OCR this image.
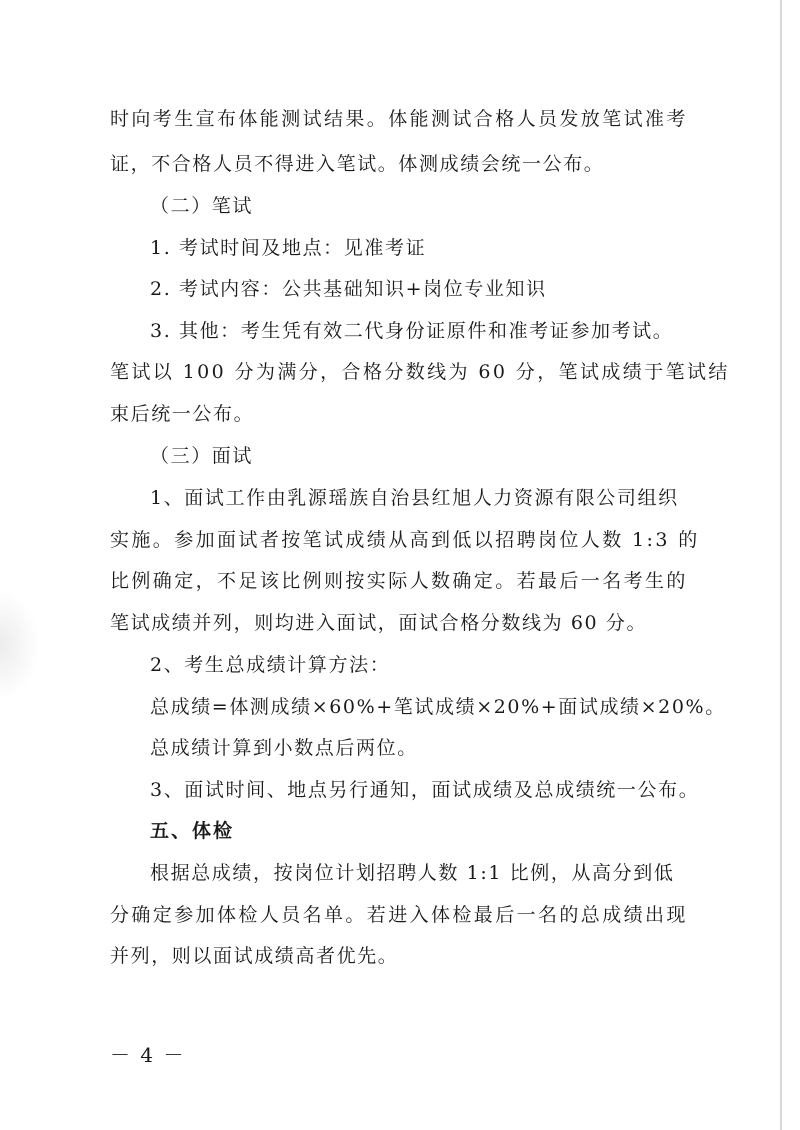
时向考生宣布体能测试结果。体能测试合格人员发放笔试准考
证，不合格人员不得进入笔试。体测成绩会统一公布。
（二）笔试
1. 考试时间及地点：见准考证
2. 考试内容：公共基础知识+岗位专业知识
3. 其他：考生凭有效二代身份证原件和准考证参加考试。
笔试以 100 分为满分，合格分数线为 60 分，笔试成绩于笔试结
束后统一公布。
（三）面试
1、面试工作由乳源瑶族自治县红旭人力资源有限公司组织
实施。参加面试者按笔试成绩从高到低以招聘岗位人数 1:3 的
比例确定，不足该比例则按实际人数确定。若最后一名考生的
笔试成绩并列，则均进入面试，面试合格分数线为 60 分。
2、考生总成绩计算方法：
总成绩=体测成绩×60%+笔试成绩×20%+面试成绩×20%。
总成绩计算到小数点后两位。
3、面试时间、地点另行通知，面试成绩及总成绩统一公布。
五、体检
根据总成绩，按岗位计划招聘人数 1:1 比例，从高分到低
分确定参加体检人员名单。若进入体检最后一名的总成绩出现
并列，则以面试成绩高者优先。
－ 4 －
